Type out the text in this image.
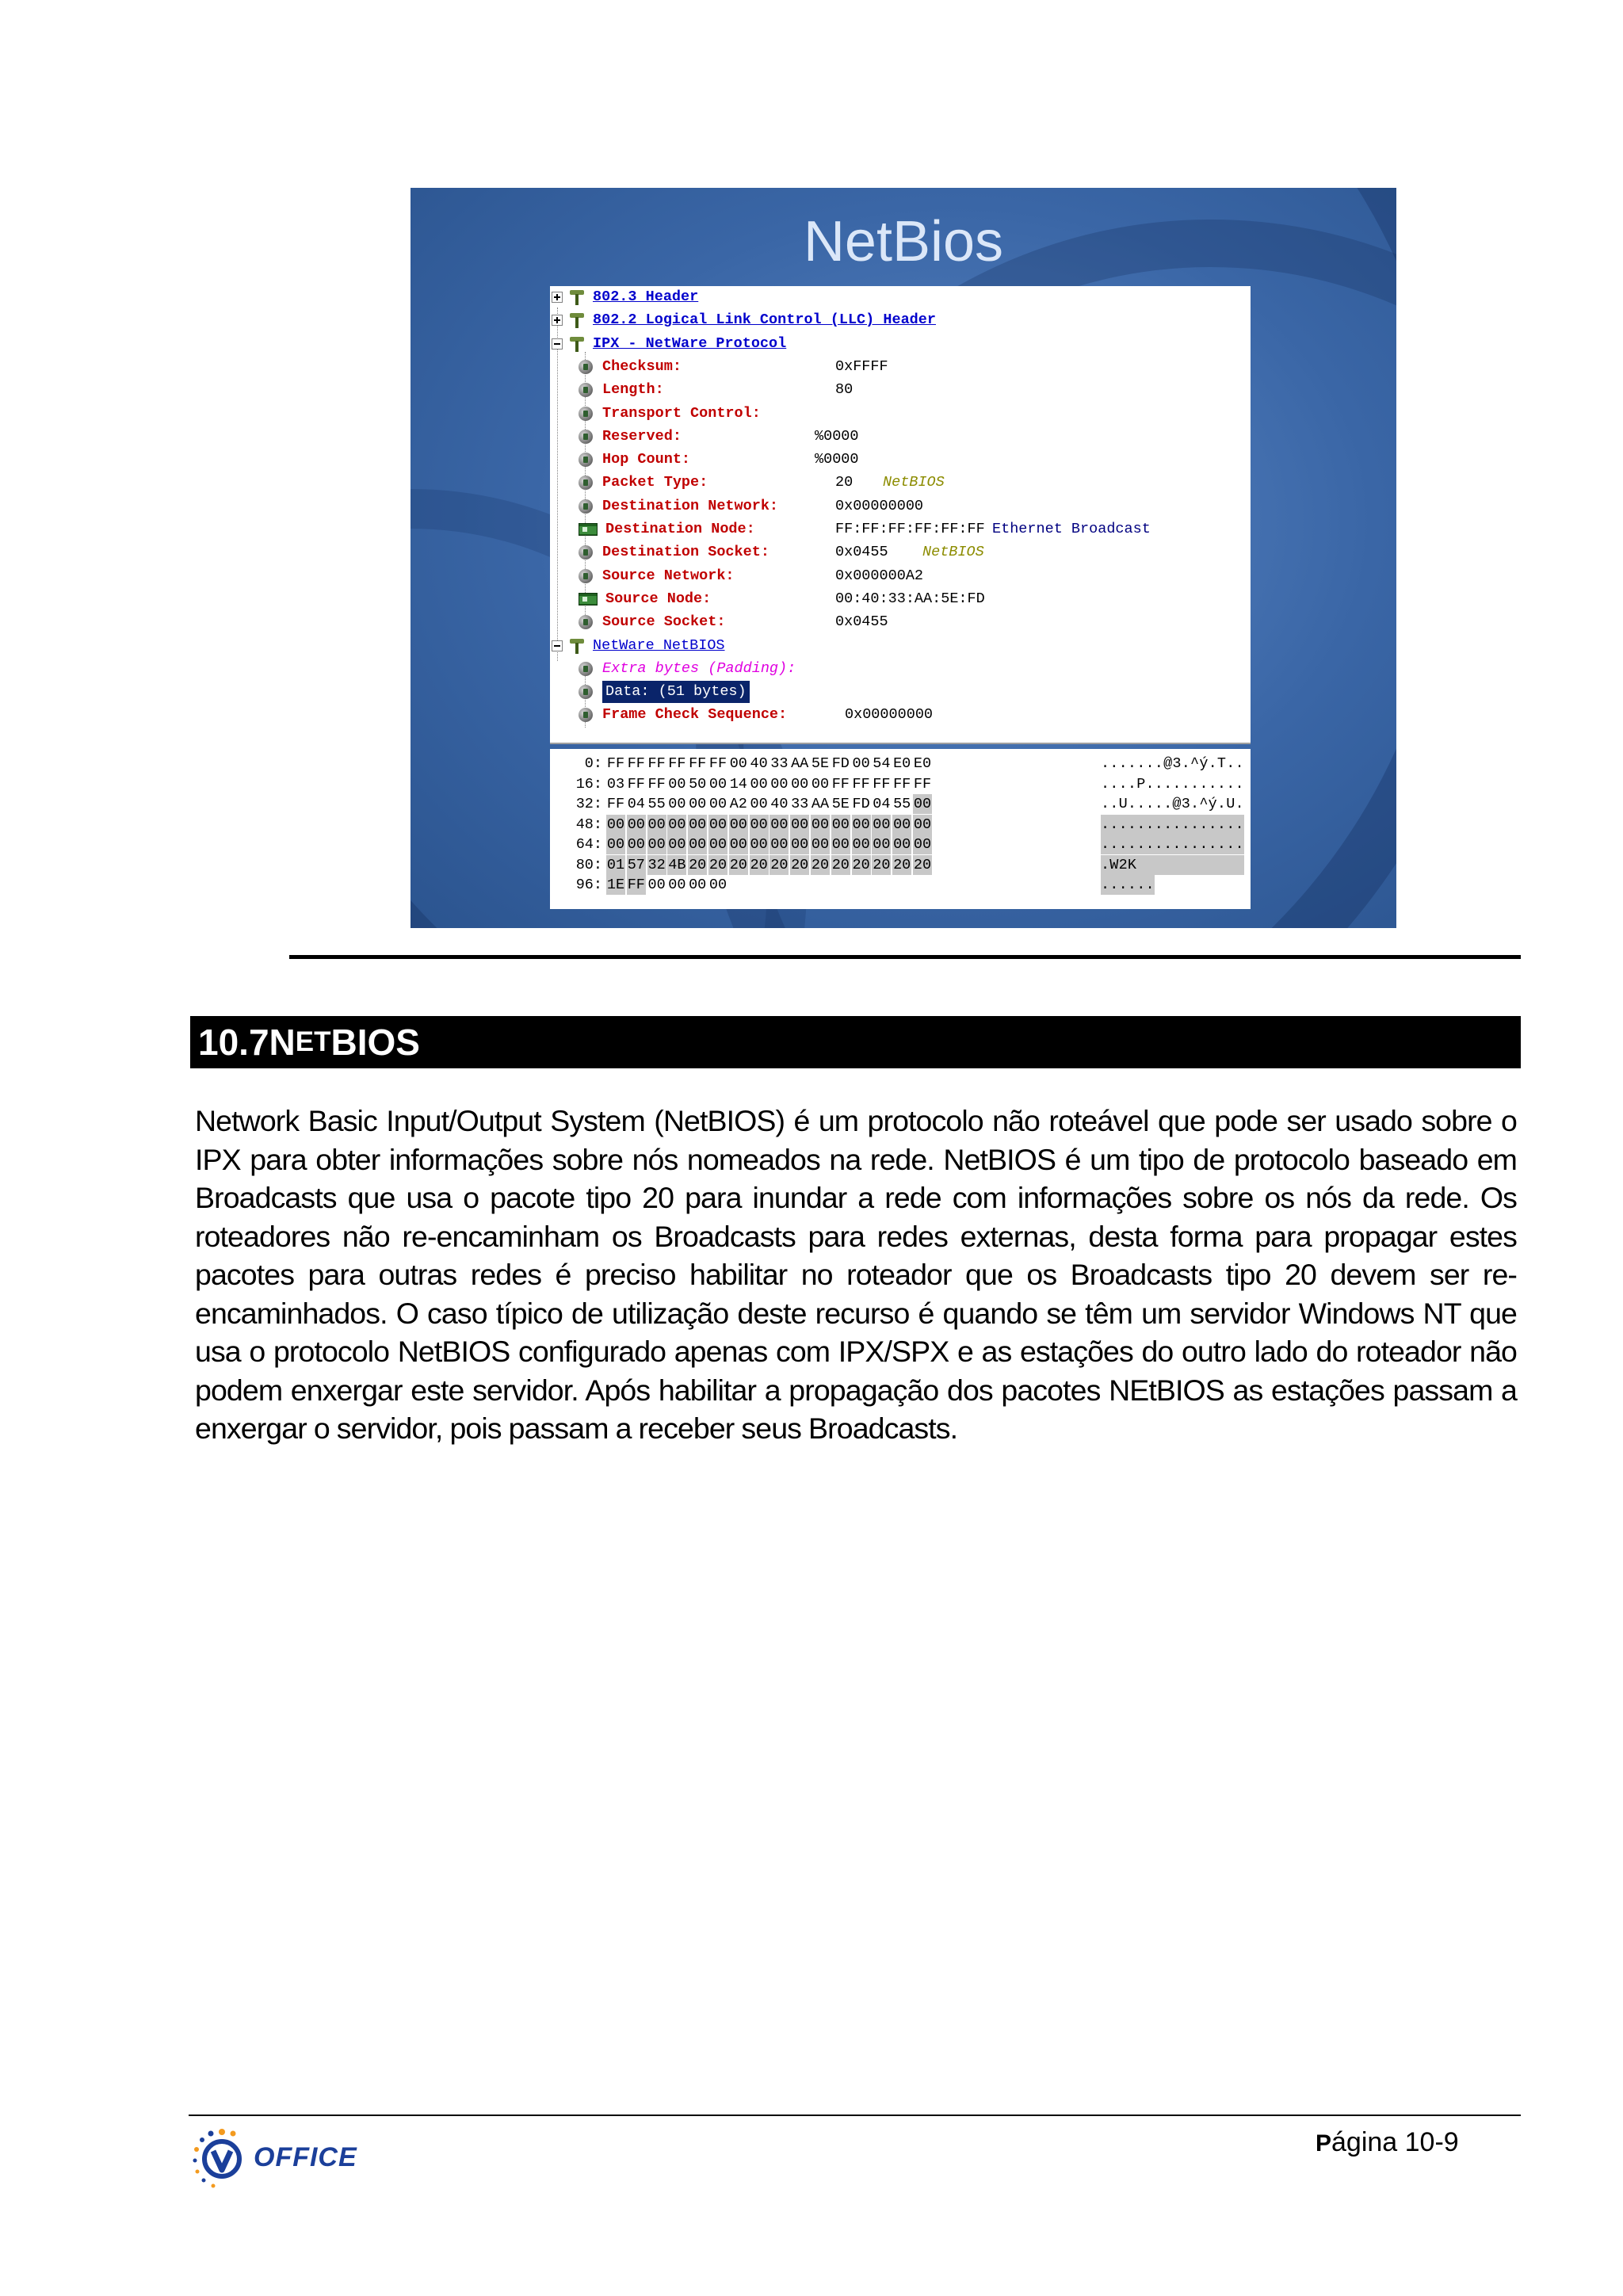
NetBios
802.3 Header
802.2 Logical Link Control (LLC) Header
IPX - NetWare Protocol
Checksum:	0xFFFF
Length:	80
Transport Control:
Reserved:	%0000
Hop Count:	%0000
Packet Type:	20 NetBIOS
Destination Network:	0x00000000
Destination Node:	FF:FF:FF:FF:FF:FF Ethernet Broadcast
Destination Socket:	0x0455 NetBIOS
Source Network:	0x000000A2
Source Node:	00:40:33:AA:5E:FD
Source Socket:	0x0455
NetWare NetBIOS
Extra bytes (Padding):
Data: (51 bytes)
Frame Check Sequence:	0x00000000
0: FF FF FF FF FF FF 00 40 33 AA 5E FD 00 54 E0 E0	.......@3.^ý.T..
16: 03 FF FF 00 50 00 14 00 00 00 00 FF FF FF FF FF	....P...........
32: FF 04 55 00 00 00 A2 00 40 33 AA 5E FD 04 55 00	..U.....@3.^ý.U.
48: 00 00 00 00 00 00 00 00 00 00 00 00 00 00 00 00	................
64: 00 00 00 00 00 00 00 00 00 00 00 00 00 00 00 00	................
80: 01 57 32 4B 20 20 20 20 20 20 20 20 20 20 20 20	.W2K
96: 1E FF 00 00 00 00	......
10.7 N ET BIOS

Network Basic Input/Output System (NetBIOS) é um protocolo não roteável que pode ser usado sobre o IPX para obter informações sobre nós nomeados na rede. NetBIOS é um tipo de protocolo baseado em Broadcasts que usa o pacote tipo 20 para inundar a rede com informações sobre os nós da rede. Os roteadores não re-encaminham os Broadcasts para redes externas, desta forma para propagar estes pacotes para outras redes é preciso habilitar no roteador que os Broadcasts tipo 20 devem ser re-encaminhados. O caso típico de utilização deste recurso é quando se têm um servidor Windows NT que usa o protocolo NetBIOS configurado apenas com IPX/SPX e as estações do outro lado do roteador não podem enxergar este servidor. Após habilitar a propagação dos pacotes NEtBIOS as estações passam a enxergar o servidor, pois passam a receber seus Broadcasts.

OFFICE	Página 10-9
